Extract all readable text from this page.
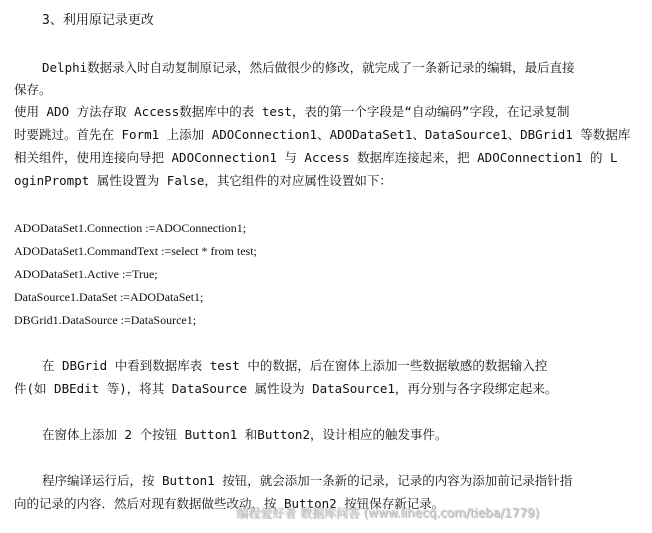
3、利用原记录更改
Delphi数据录入时自动复制原记录，然后做很少的修改，就完成了一条新记录的编辑，最后直接
保存。
使用 ADO 方法存取 Access数据库中的表 test，表的第一个字段是“自动编码”字段，在记录复制
时要跳过。首先在 Form1 上添加 ADOConnection1、ADODataSet1、DataSource1、DBGrid1 等数据库
相关组件，使用连接向导把 ADOConnection1 与 Access 数据库连接起来，把 ADOConnection1 的 L
oginPrompt 属性设置为 False，其它组件的对应属性设置如下：
ADODataSet1.Connection :=ADOConnection1;
ADODataSet1.CommandText :=select * from test;
ADODataSet1.Active :=True;
DataSource1.DataSet :=ADODataSet1;
DBGrid1.DataSource :=DataSource1;
在 DBGrid 中看到数据库表 test 中的数据，后在窗体上添加一些数据敏感的数据输入控
件(如 DBEdit 等)，将其 DataSource 属性设为 DataSource1，再分别与各字段绑定起来。
在窗体上添加 2 个按钮 Button1 和Button2，设计相应的触发事件。
程序编译运行后，按 Button1 按钮，就会添加一条新的记录，记录的内容为添加前记录指针指
向的记录的内容．然后对现有数据做些改动，按 Button2 按钮保存新记录。
编程爱好者 数据库问答 (www.lihecq.com/tieba/1779)
